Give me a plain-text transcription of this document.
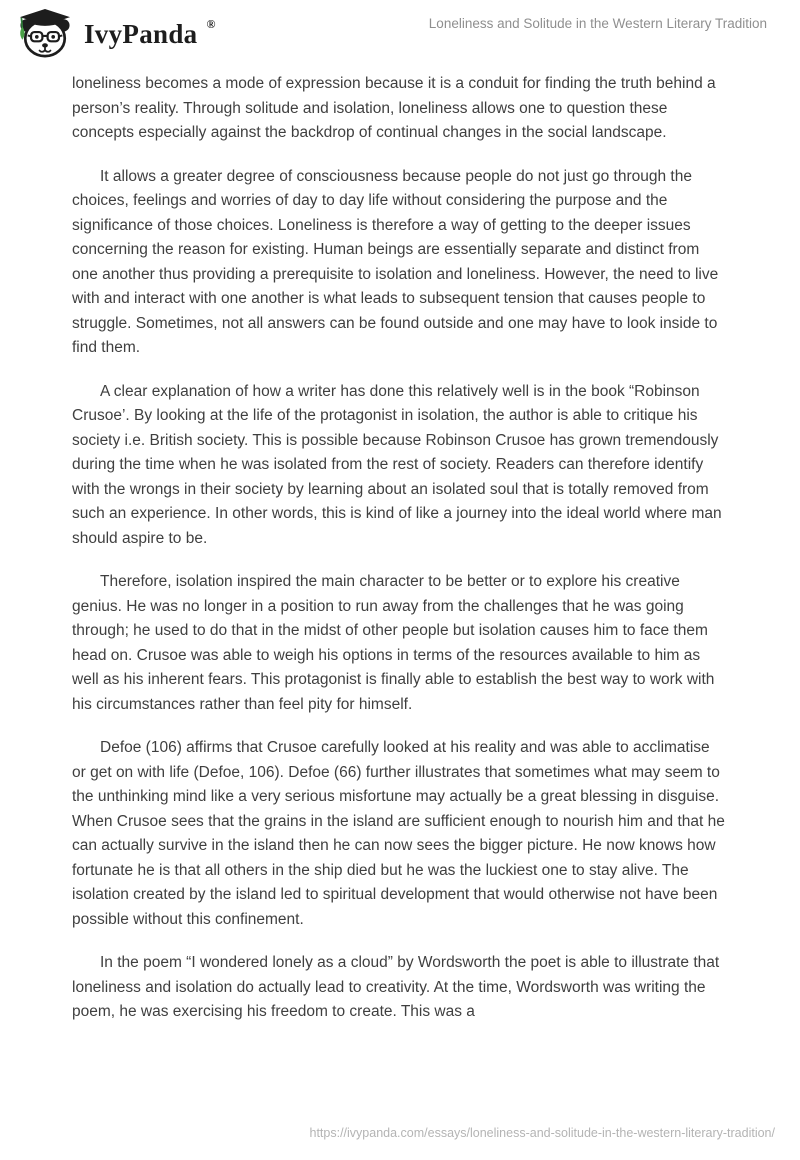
IvyPanda ®	Loneliness and Solitude in the Western Literary Tradition

loneliness becomes a mode of expression because it is a conduit for finding the truth behind a person’s reality. Through solitude and isolation, loneliness allows one to question these concepts especially against the backdrop of continual changes in the social landscape.

It allows a greater degree of consciousness because people do not just go through the choices, feelings and worries of day to day life without considering the purpose and the significance of those choices. Loneliness is therefore a way of getting to the deeper issues concerning the reason for existing. Human beings are essentially separate and distinct from one another thus providing a prerequisite to isolation and loneliness. However, the need to live with and interact with one another is what leads to subsequent tension that causes people to struggle. Sometimes, not all answers can be found outside and one may have to look inside to find them.

A clear explanation of how a writer has done this relatively well is in the book “Robinson Crusoe’. By looking at the life of the protagonist in isolation, the author is able to critique his society i.e. British society. This is possible because Robinson Crusoe has grown tremendously during the time when he was isolated from the rest of society. Readers can therefore identify with the wrongs in their society by learning about an isolated soul that is totally removed from such an experience. In other words, this is kind of like a journey into the ideal world where man should aspire to be.

Therefore, isolation inspired the main character to be better or to explore his creative genius. He was no longer in a position to run away from the challenges that he was going through; he used to do that in the midst of other people but isolation causes him to face them head on. Crusoe was able to weigh his options in terms of the resources available to him as well as his inherent fears. This protagonist is finally able to establish the best way to work with his circumstances rather than feel pity for himself.

Defoe (106) affirms that Crusoe carefully looked at his reality and was able to acclimatise or get on with life (Defoe, 106). Defoe (66) further illustrates that sometimes what may seem to the unthinking mind like a very serious misfortune may actually be a great blessing in disguise. When Crusoe sees that the grains in the island are sufficient enough to nourish him and that he can actually survive in the island then he can now sees the bigger picture. He now knows how fortunate he is that all others in the ship died but he was the luckiest one to stay alive. The isolation created by the island led to spiritual development that would otherwise not have been possible without this confinement.

In the poem “I wondered lonely as a cloud” by Wordsworth the poet is able to illustrate that loneliness and isolation do actually lead to creativity. At the time, Wordsworth was writing the poem, he was exercising his freedom to create. This was a

https://ivypanda.com/essays/loneliness-and-solitude-in-the-western-literary-tradition/
